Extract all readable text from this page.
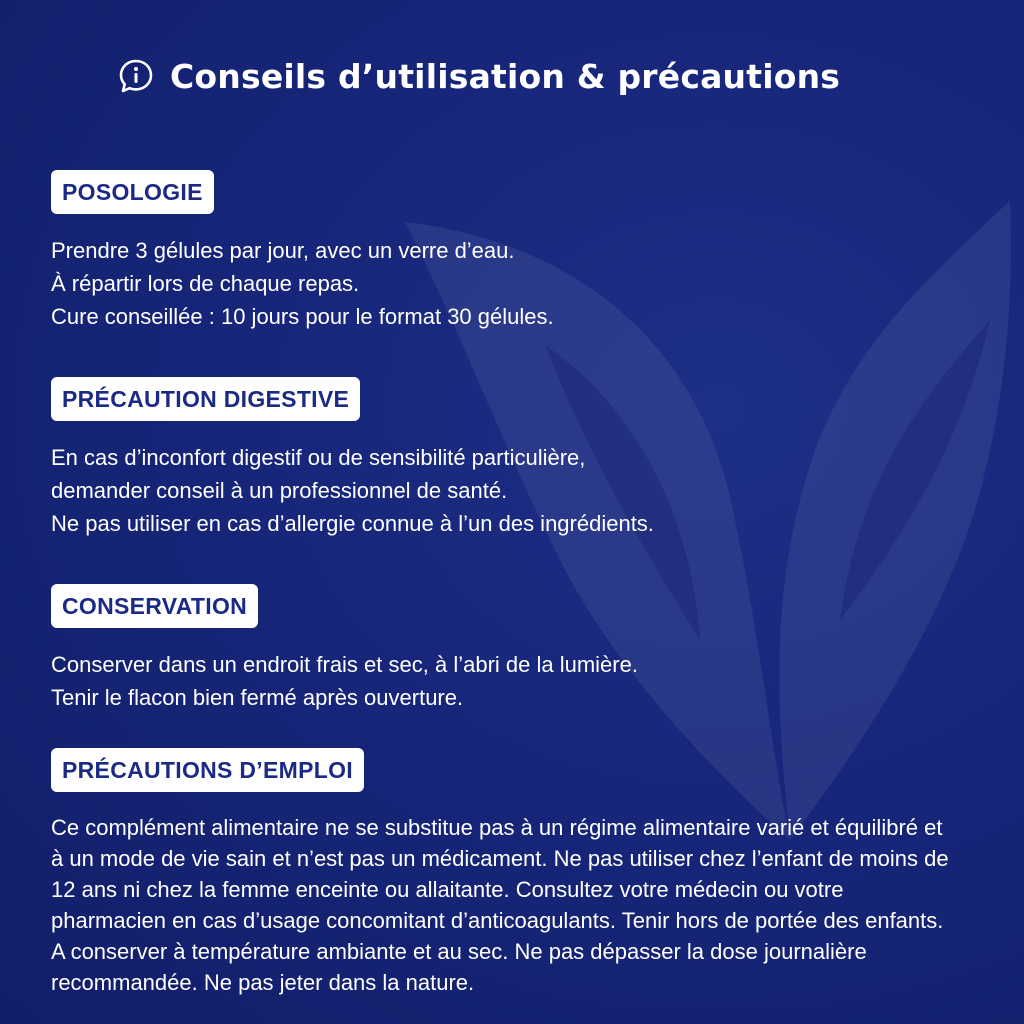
Conseils d’utilisation & précautions
POSOLOGIE
Prendre 3 gélules par jour, avec un verre d’eau.
À répartir lors de chaque repas.
Cure conseillée : 10 jours pour le format 30 gélules.
PRÉCAUTION DIGESTIVE
En cas d’inconfort digestif ou de sensibilité particulière,
demander conseil à un professionnel de santé.
Ne pas utiliser en cas d’allergie connue à l’un des ingrédients.
CONSERVATION
Conserver dans un endroit frais et sec, à l’abri de la lumière.
Tenir le flacon bien fermé après ouverture.
PRÉCAUTIONS D’EMPLOI
Ce complément alimentaire ne se substitue pas à un régime alimentaire varié et équilibré et à un mode de vie sain et n’est pas un médicament. Ne pas utiliser chez l’enfant de moins de 12 ans ni chez la femme enceinte ou allaitante. Consultez votre médecin ou votre pharmacien en cas d’usage concomitant d’anticoagulants. Tenir hors de portée des enfants. A conserver à température ambiante et au sec. Ne pas dépasser la dose journalière recommandée. Ne pas jeter dans la nature.
